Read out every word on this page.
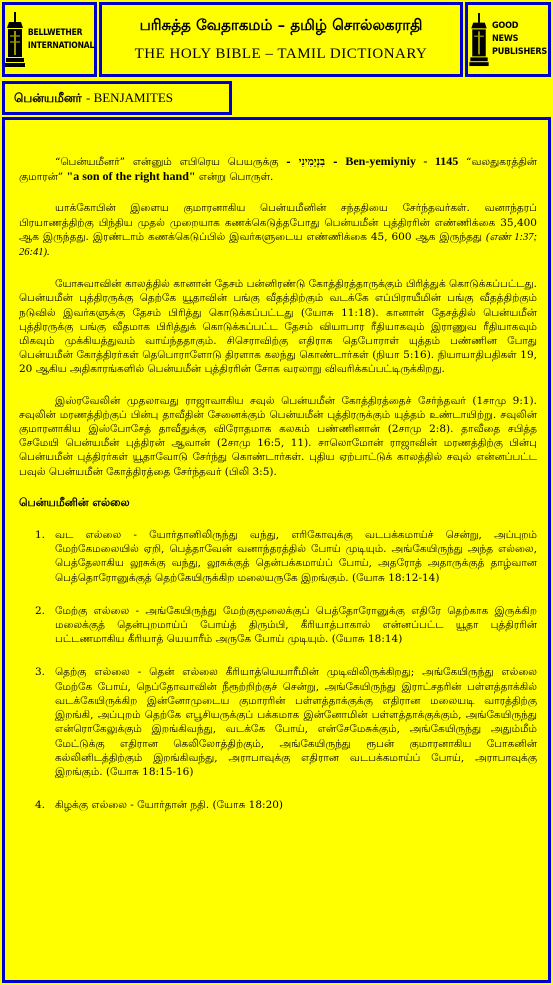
BELLWETHER
INTERNATIONAL
பரிசுத்த வேதாகமம் – தமிழ் சொல்லகராதி
THE HOLY BIBLE – TAMIL DICTIONARY
GOOD NEWS
PUBLISHERS
பென்யமீனர் - BENJAMITES

“பென்யமீனர்” என்னும் எபிரெய பெயருக்கு - בִנְיָמִינִי - Ben-yemiyniy - 1145 “வலதுகரத்தின் குமாரன்” "a son of the right hand" என்று பொருள்.

யாக்கோபின் இளைய குமாரனாகிய பென்யமீனின் சந்ததியை சேர்ந்தவர்கள். வனாந்தரப் பிரயாணத்திற்கு பிந்திய முதல் முறையாக கணக்கெடுத்தபோது பென்யமீன் புத்திரரின் எண்ணிக்கை 35,400 ஆக இருந்தது. இரண்டாம் கணக்கெடுப்பில் இவர்களுடைய எண்ணிக்கை 45, 600 ஆக இருந்தது (எண் 1:37; 26:41).

யோசுவாவின் காலத்தில் கானான் தேசம் பன்னிரண்டு கோத்திரத்தாருக்கும் பிரித்துக் கொடுக்கப்பட்டது. பென்யமீன் புத்திரருக்கு தெற்கே யூதாவின் பங்கு வீதத்திற்கும் வடக்கே எப்பிராயீமின் பங்கு வீதத்திற்கும் நடுவில் இவர்களுக்கு தேசம் பிரித்து கொடுக்கப்பட்டது (யோசு 11:18). கானான் தேசத்தில் பென்யமீன் புத்திரருக்கு பங்கு வீதமாக பிரித்துக் கொடுக்கப்பட்ட தேசம் வியாபார ரீதியாகவும் இராணுவ ரீதியாகவும் மிகவும் முக்கியத்துவம் வாய்ந்ததாகும். சிசெராவிற்கு எதிராக தெபோராள் யுத்தம் பண்ணின போது பென்யமீன் கோத்திரர்கள் தெபொராளோடு திரளாக கலந்து கொண்டார்கள் (நியா 5:16). நியாயாதிபதிகள் 19, 20 ஆகிய அதிகாரங்களில் பென்யமீன் புத்திரரின் சோக வரலாறு விவரிக்கப்பட்டிருக்கிறது.

இஸ்ரவேலின் முதலாவது ராஜாவாகிய சவுல் பென்யமீன் கோத்திரத்தைச் சேர்ந்தவர் (1சாமு 9:1). சவுலின் மரணத்திற்குப் பின்பு தாவீதின் சேனைக்கும் பென்யமீன் புத்திரருக்கும் யுத்தம் உண்டாயிற்று. சவுலின் குமாரனாகிய இஸ்போசேத் தாவீதுக்கு விரோதமாக கலகம் பண்ணினான் (2சாமு 2:8). தாவீதை சபித்த சேமேயி பென்யமீன் புத்திரன் ஆவான் (2சாமு 16:5, 11). சாலொமோன் ராஜாவின் மரணத்திற்கு பின்பு பென்யமீன் புத்திரர்கள் யூதாவோடு சேர்ந்து கொண்டார்கள். புதிய ஏற்பாட்டுக் காலத்தில் சவுல் என்னப்பட்ட பவுல் பென்யமீன் கோத்திரத்தை சேர்ந்தவர் (பிலி 3:5).

பென்யமீனின் எல்லை
1. வட எல்லை - யோர்தானிலிருந்து வந்து, எரிகோவுக்கு வடபக்கமாய்ச் சென்று, அப்புறம் மேற்கேமலையில் ஏறி, பெத்தாவேன் வனாந்தரத்தில் போய் முடியும். அங்கேயிருந்து அந்த எல்லை, பெத்தேலாகிய லூசுக்கு வந்து, லூசுக்குத் தென்பக்கமாய்ப் போய், அதரோத் அதாருக்குத் தாழ்வான பெத்தொரோனுக்குத் தெற்கேயிருக்கிற மலையருகே இறங்கும். (யோசு 18:12-14)
2. மேற்கு எல்லை - அங்கேயிருந்து மேற்குமூலைக்குப் பெத்தோரோனுக்கு எதிரே தெற்காக இருக்கிற மலைக்குத் தென்புறமாய்ப் போய்த் திரும்பி, கீரியாத்பாகால் என்னப்பட்ட யூதா புத்திரரின் பட்டணமாகிய கீரியாத் யெயாரீம் அருகே போய் முடியும். (யோசு 18:14)
3. தெற்கு எல்லை - தென் எல்லை கீரியாத்யெயாரீமின் முடிவிலிருக்கிறது; அங்கேயிருந்து எல்லை மேற்கே போய், நெப்தோவாவின் நீரூற்றிற்குச் சென்று, அங்கேயிருந்து இராட்சதரின் பள்ளத்தாக்கில் வடக்கேயிருக்கிற இன்னோமுடைய குமாரரின் பள்ளத்தாக்குக்கு எதிரான மலையடி வாரத்திற்கு இறங்கி, அப்புறம் தெற்கே எபூசியருக்குப் பக்கமாக இன்னோமின் பள்ளத்தாக்குக்கும், அங்கேயிருந்து என்ரொகேலுக்கும் இறங்கிவந்து, வடக்கே போய், என்சேமேசுக்கும், அங்கேயிருந்து அதும்மீம் மேட்டுக்கு எதிரான கெலிலோத்திற்கும், அங்கேயிருந்து ரூபன் குமாரனாகிய போகனின் கல்லினிடத்திற்கும் இறங்கிவந்து, அராபாவுக்கு எதிரான வடபக்கமாய்ப் போய், அராபாவுக்கு இறங்கும். (யோசு 18:15-16)
4. கிழக்கு எல்லை - யோர்தான் நதி. (யோசு 18:20)
